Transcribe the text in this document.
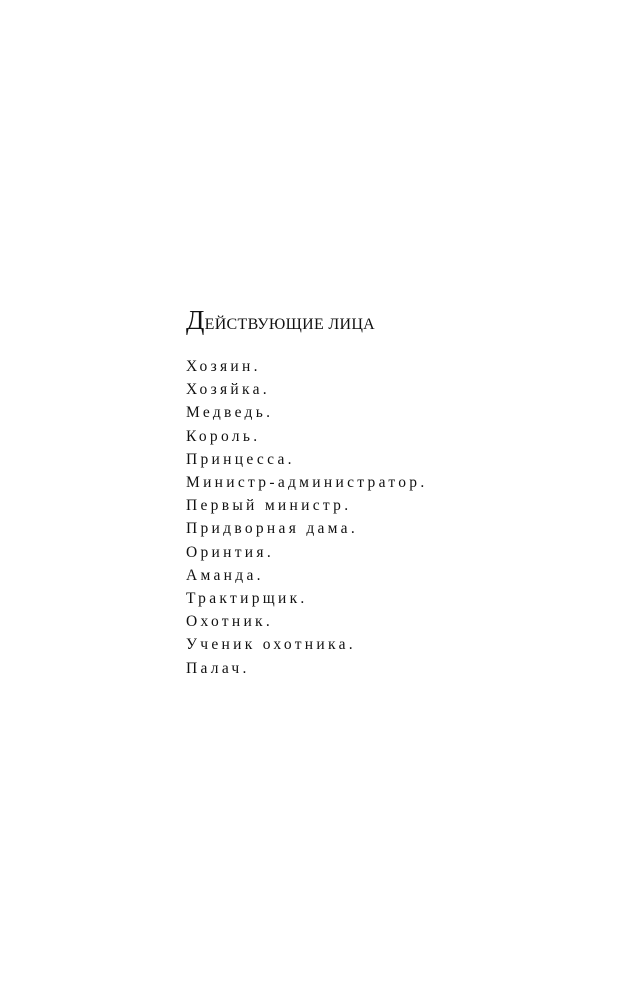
ДЕЙСТВУЮЩИЕ ЛИЦА
Хозяин.
Хозяйка.
Медведь.
Король.
Принцесса.
Министр-администратор.
Первый министр.
Придворная дама.
Оринтия.
Аманда.
Трактирщик.
Охотник.
Ученик охотника.
Палач.
